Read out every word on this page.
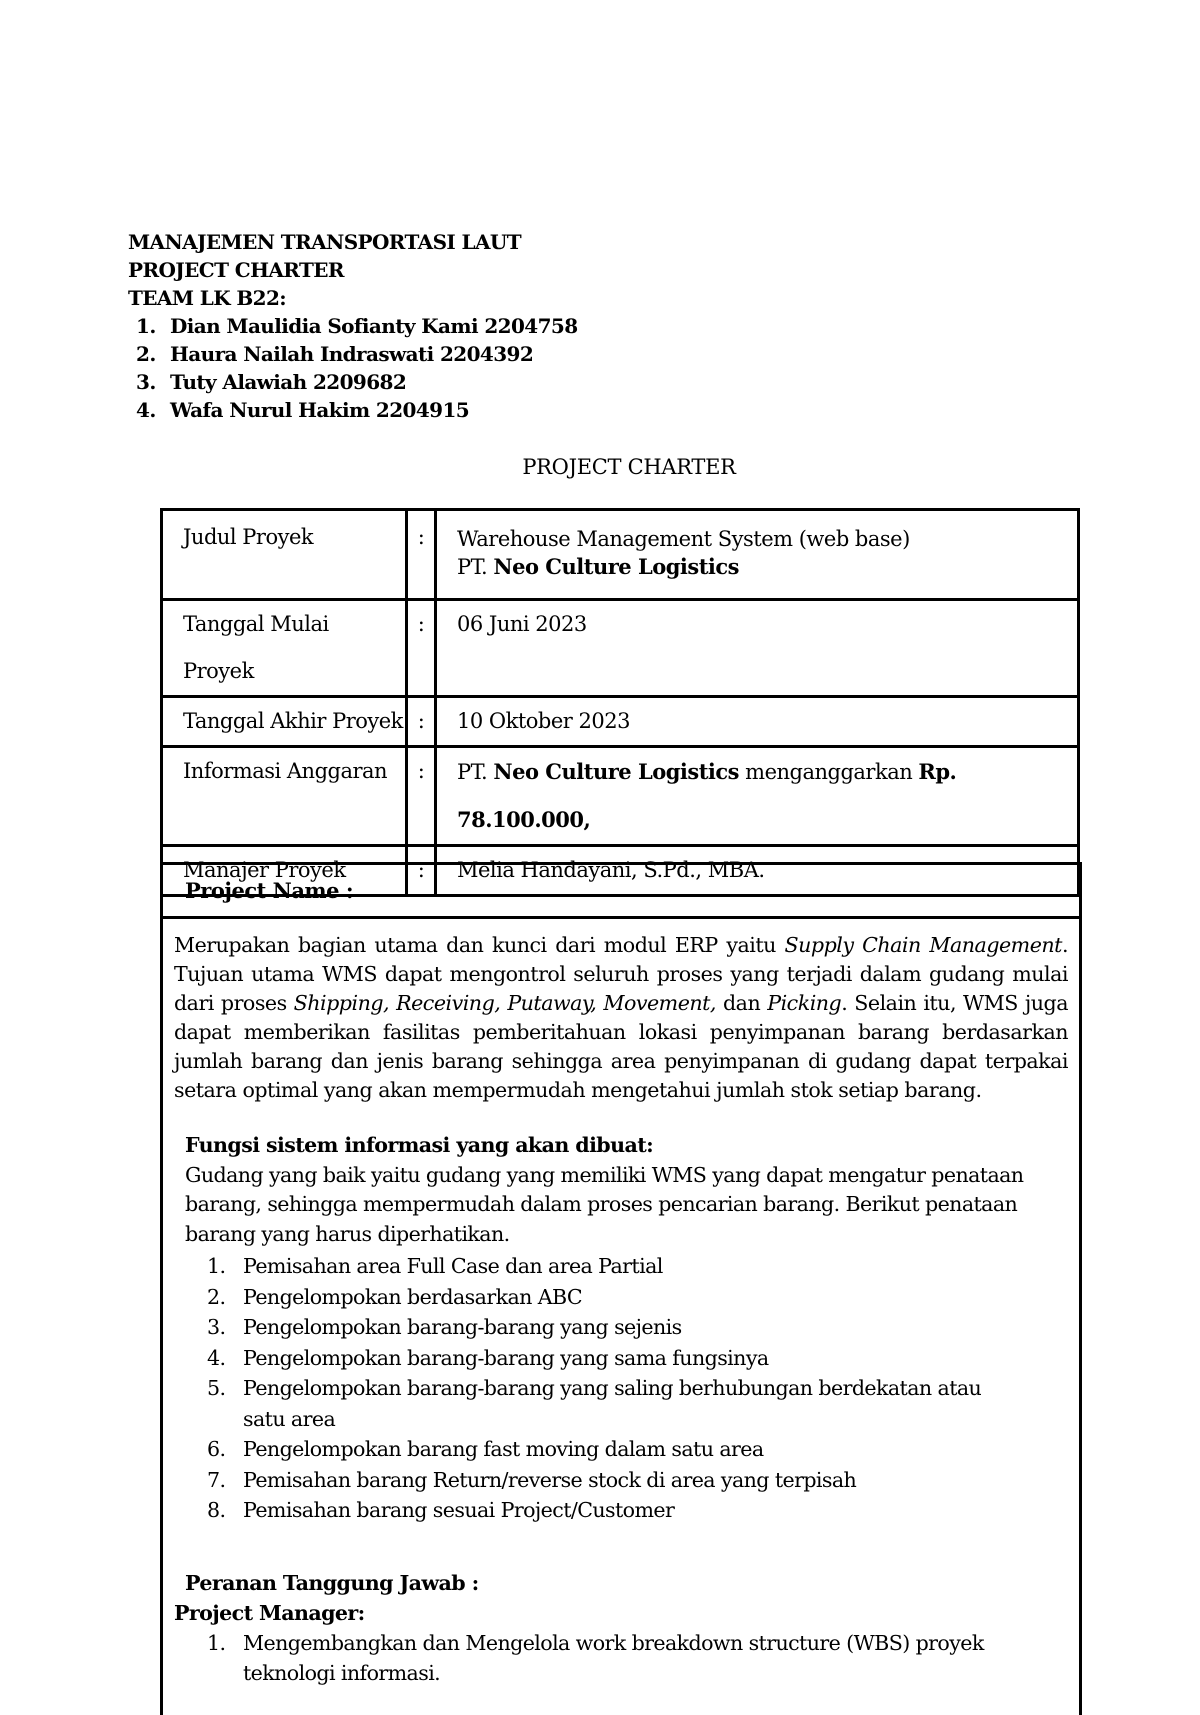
MANAJEMEN TRANSPORTASI LAUT
PROJECT CHARTER
TEAM LK B22:
1. Dian Maulidia Sofianty Kami 2204758
2. Haura Nailah Indraswati 2204392
3. Tuty Alawiah 2209682
4. Wafa Nurul Hakim 2204915
PROJECT CHARTER
Judul Proyek	:	Warehouse Management System (web base)
PT. Neo Culture Logistics

Tanggal Mulai Proyek	:	06 Juni 2023
Tanggal Akhir Proyek	:	10 Oktober 2023
Informasi Anggaran	:	PT. Neo Culture Logistics menganggarkan Rp. 78.100.000,
Manajer Proyek	:	Melia Handayani, S.Pd., MBA.
Project Name :

Merupakan bagian utama dan kunci dari modul ERP yaitu Supply Chain Management. Tujuan utama WMS dapat mengontrol seluruh proses yang terjadi dalam gudang mulai dari proses Shipping, Receiving, Putaway, Movement, dan Picking. Selain itu, WMS juga dapat memberikan fasilitas pemberitahuan lokasi penyimpanan barang berdasarkan jumlah barang dan jenis barang sehingga area penyimpanan di gudang dapat terpakai setara optimal yang akan mempermudah mengetahui jumlah stok setiap barang.

Fungsi sistem informasi yang akan dibuat:

Gudang yang baik yaitu gudang yang memiliki WMS yang dapat mengatur penataan barang, sehingga mempermudah dalam proses pencarian barang. Berikut penataan barang yang harus diperhatikan.

1. Pemisahan area Full Case dan area Partial
2. Pengelompokan berdasarkan ABC
3. Pengelompokan barang-barang yang sejenis
4. Pengelompokan barang-barang yang sama fungsinya
5. Pengelompokan barang-barang yang saling berhubungan berdekatan atau satu area
6. Pengelompokan barang fast moving dalam satu area
7. Pemisahan barang Return/reverse stock di area yang terpisah
8. Pemisahan barang sesuai Project/Customer
Peranan Tanggung Jawab :
Project Manager:
1. Mengembangkan dan Mengelola work breakdown structure (WBS) proyek teknologi informasi.
